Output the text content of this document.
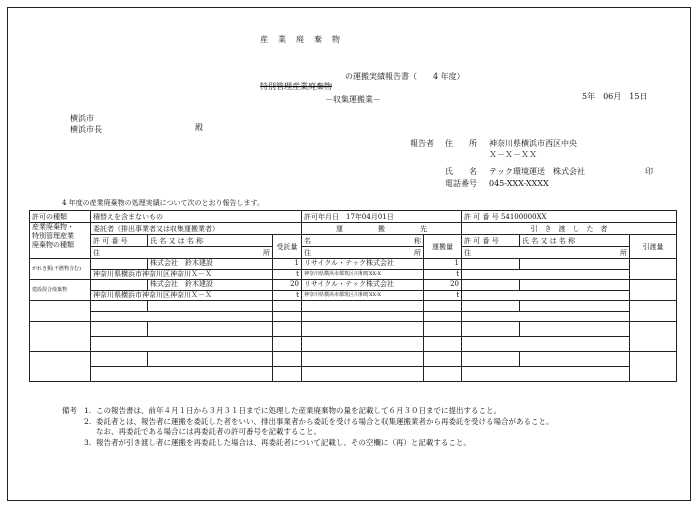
産　業　廃　棄　物
特別管理産業廃棄物
の運搬実績報告書（　　4 年度）
－収集運搬業－	5年　06月　15日
横浜市
横浜市長	殿
報告者 住　　所 神奈川県横浜市西区中央
Ｘ－Ｘ－ＸＸ
氏　　名 テック環境運送　株式会社	印
電話番号 045-XXX-XXXX
4 年度の産業廃棄物の処理実績について次のとおり報告します。
許可の種類	積替えを含まないもの			許可年月日　 17年04月01日		許 可 番 号 54100000XX		

産業廃棄物・
特別管理産業
廃棄物の種類	委託者（排出事業者又は収集運搬業者）			運　　　　　搬　　　　　先		引　き　渡　し　た　者		
	許 可 番 号	氏 名 又 は 名 称	受託量	名 称	運搬量	許 可 番 号	氏 名 又 は 名 称	引渡量
	住 所			住 所		住 所		

がれき類(不燃物含む)		株式会社　鈴木建設	1	リサイクル・テック株式会社	1			
	神奈川県横浜市神奈川区神奈川Ｘ－Ｘ		t	神奈川県横浜市都筑区川和町XX-X	t			
建設混合廃棄物		株式会社　鈴木建設	20	リサイクル・テック株式会社	20			
	神奈川県横浜市神奈川区神奈川Ｘ－Ｘ		t	神奈川県横浜市都筑区川和町XX-X	t			

備考 1. この報告書は、前年４月１日から３月３１日までに処理した産業廃棄物の量を記載して６月３０日までに提出すること。
2. 委託者とは、報告者に運搬を委託した者をいい、排出事業者から委託を受ける場合と収集運搬業者から再委託を受ける場合があること。
なお、再委託である場合には再委託者の許可番号を記載すること。
3. 報告者が引き渡し者に運搬を再委託した場合は、再委託者について記載し、その空欄に（再）と記載すること。
